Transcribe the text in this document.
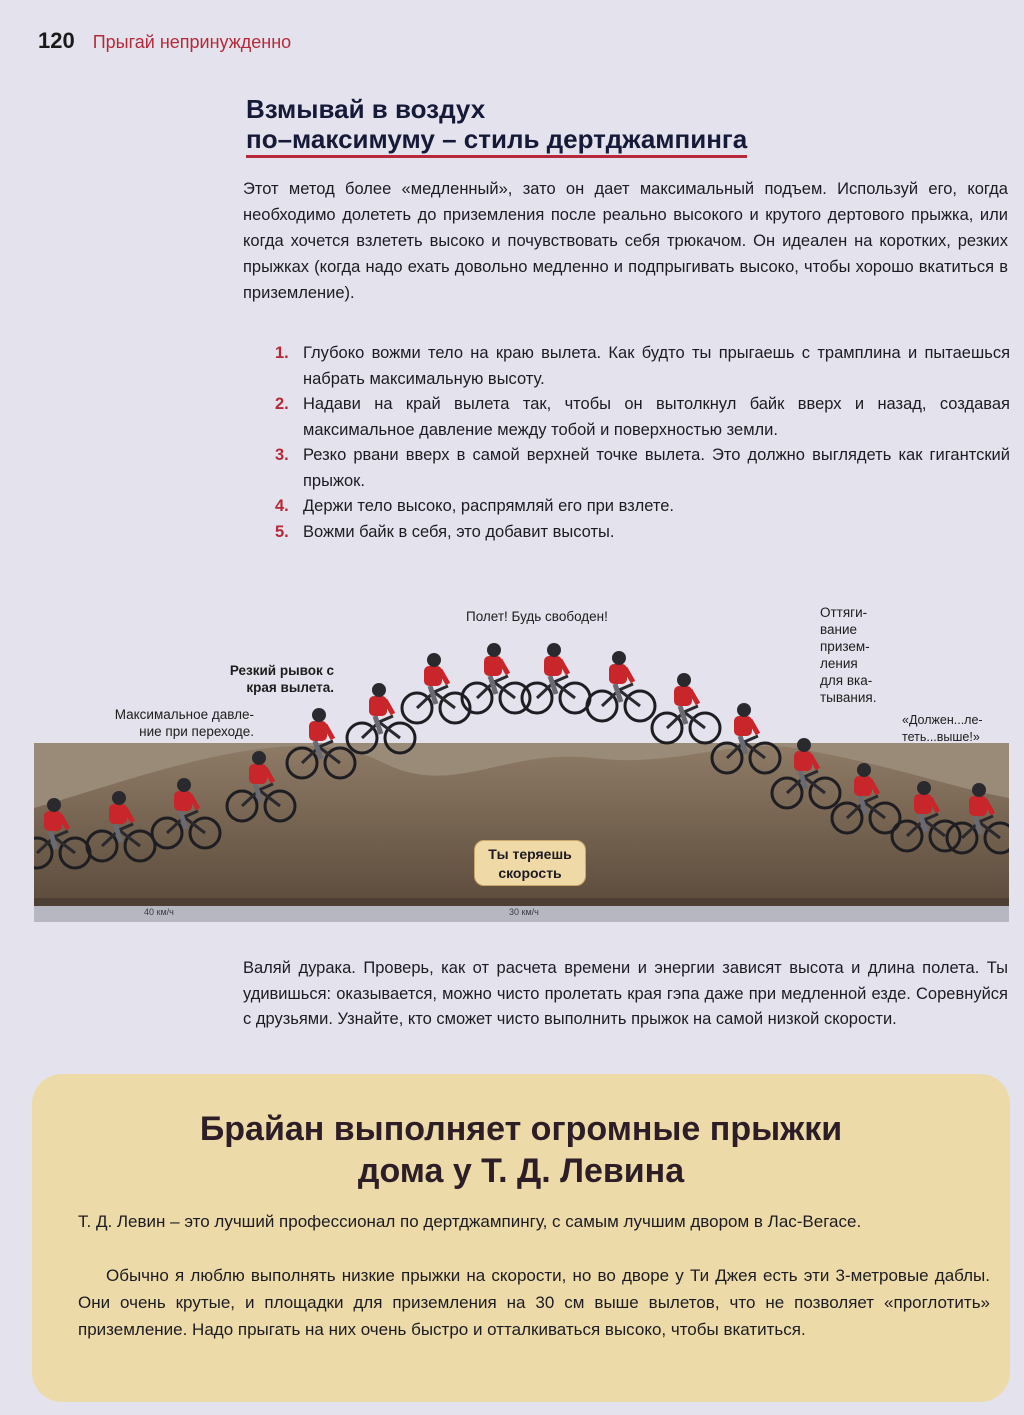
120 Прыгай непринужденно
Взмывай в воздух
по–максимуму – стиль дертджампинга

Этот метод более «медленный», зато он дает максимальный подъем. Используй его, когда необходимо долететь до приземления после реально высокого и крутого дертового прыжка, или когда хочется взлететь высоко и почувствовать себя трюкачом. Он идеален на коротких, резких прыжках (когда надо ехать довольно медленно и подпрыгивать высоко, чтобы хорошо вкатиться в приземление).

1. Глубоко вожми тело на краю вылета. Как будто ты прыгаешь с трамплина и пытаешься набрать максимальную высоту.
2. Надави на край вылета так, чтобы он вытолкнул байк вверх и назад, создавая максимальное давление между тобой и поверхностью земли.
3. Резко рвани вверх в самой верхней точке вылета. Это должно выглядеть как гигантский прыжок.
4. Держи тело высоко, распрямляй его при взлете.
5. Вожми байк в себя, это добавит высоты.
Максимальное давле-
ние при переходе.
Резкий рывок с
края вылета.
Полет! Будь свободен!	Оттяги-
вание
призем-
ления
для вка-
тывания.
«Должен...ле-
теть...выше!»
Ты теряешь
скорость
40 км/ч	30 км/ч

Валяй дурака. Проверь, как от расчета времени и энергии зависят высота и длина полета. Ты удивишься: оказывается, можно чисто пролетать края гэпа даже при медленной езде. Соревнуйся с друзьями. Узнайте, кто сможет чисто выполнить прыжок на самой низкой скорости.

Брайан выполняет огромные прыжки
дома у Т. Д. Левина

Т. Д. Левин – это лучший профессионал по дертджампингу, с самым лучшим двором в Лас-Вегасе.

Обычно я люблю выполнять низкие прыжки на скорости, но во дворе у Ти Джея есть эти 3-метровые даблы. Они очень крутые, и площадки для приземления на 30 см выше вылетов, что не позволяет «проглотить» приземление. Надо прыгать на них очень быстро и отталкиваться высоко, чтобы вкатиться.
